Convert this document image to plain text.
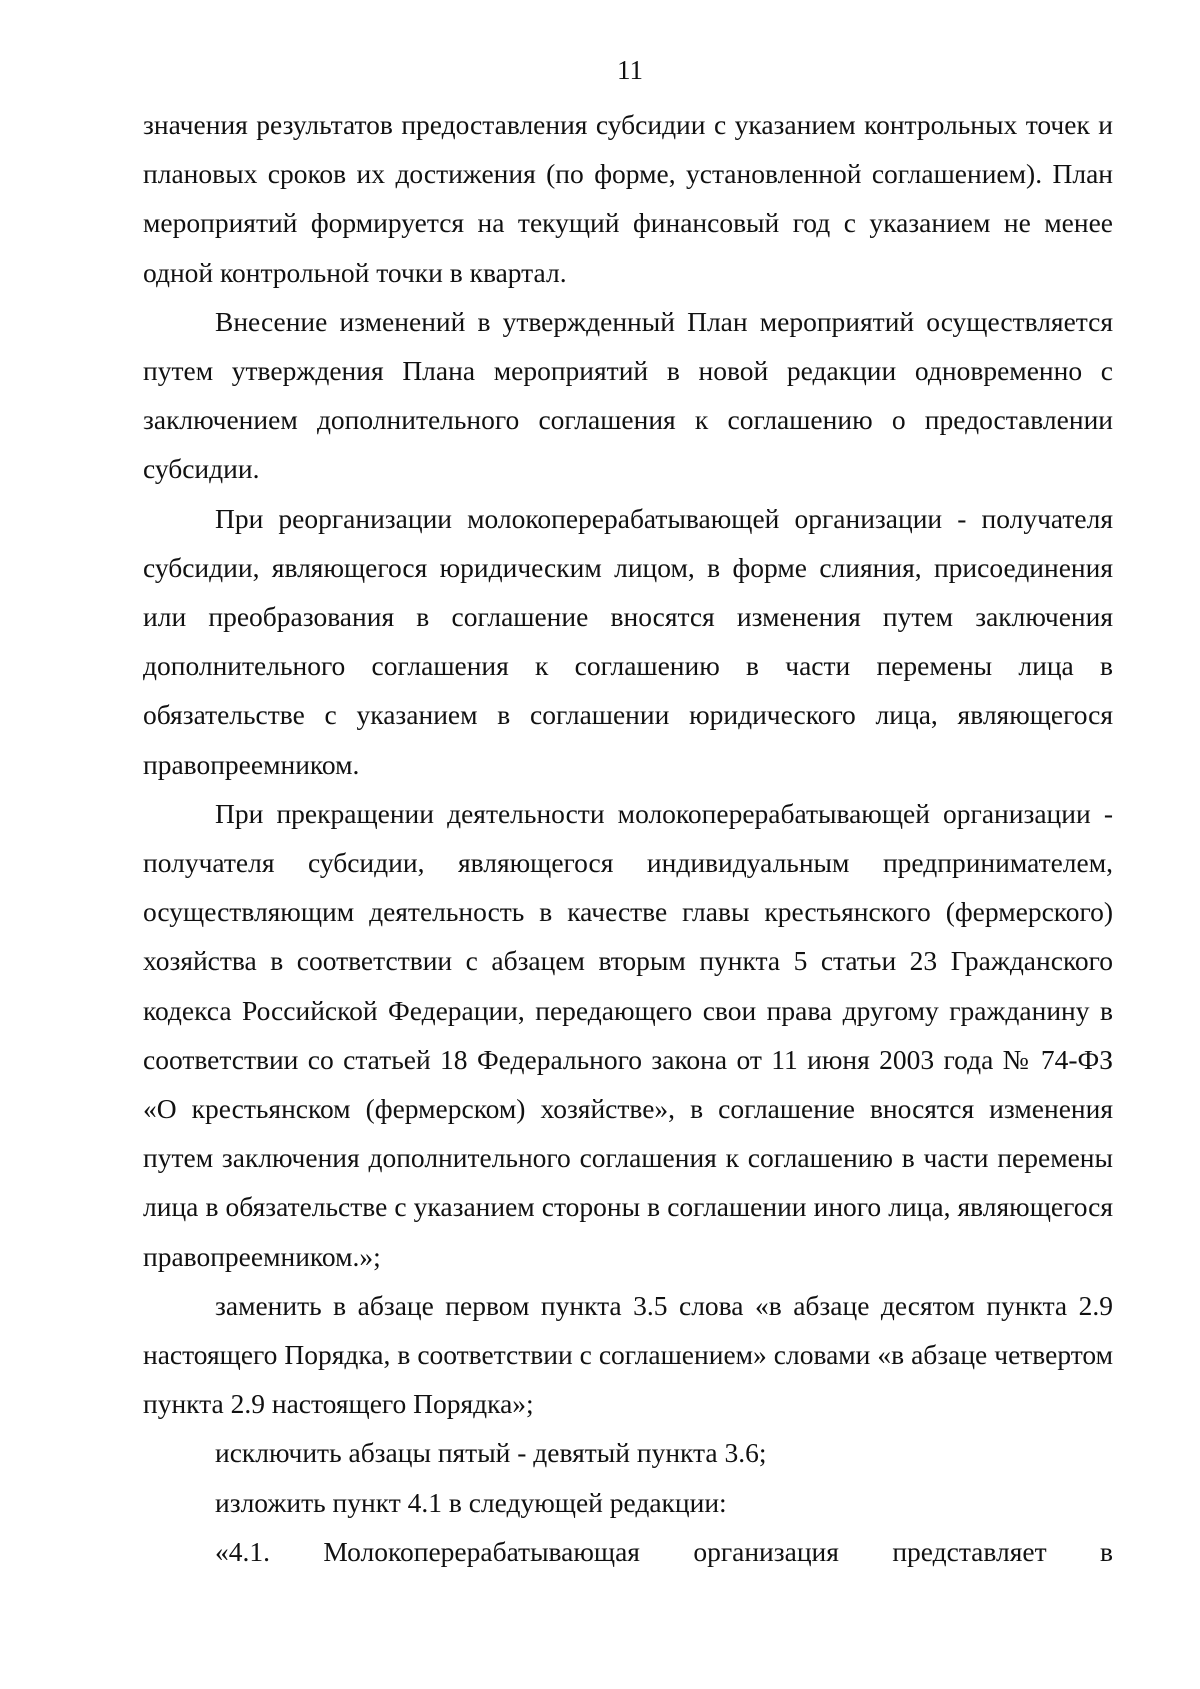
11

значения результатов предоставления субсидии с указанием контрольных точек и плановых сроков их достижения (по форме, установленной соглашением). План мероприятий формируется на текущий финансовый год с указанием не менее одной контрольной точки в квартал.

Внесение изменений в утвержденный План мероприятий осуществляется путем утверждения Плана мероприятий в новой редакции одновременно с заключением дополнительного соглашения к соглашению о предоставлении субсидии.

При реорганизации молокоперерабатывающей организации - получателя субсидии, являющегося юридическим лицом, в форме слияния, присоединения или преобразования в соглашение вносятся изменения путем заключения дополнительного соглашения к соглашению в части перемены лица в обязательстве с указанием в соглашении юридического лица, являющегося правопреемником.

При прекращении деятельности молокоперерабатывающей организации - получателя субсидии, являющегося индивидуальным предпринимателем, осуществляющим деятельность в качестве главы крестьянского (фермерского) хозяйства в соответствии с абзацем вторым пункта 5 статьи 23 Гражданского кодекса Российской Федерации, передающего свои права другому гражданину в соответствии со статьей 18 Федерального закона от 11 июня 2003 года № 74-ФЗ «О крестьянском (фермерском) хозяйстве», в соглашение вносятся изменения путем заключения дополнительного соглашения к соглашению в части перемены лица в обязательстве с указанием стороны в соглашении иного лица, являющегося правопреемником.»;

заменить в абзаце первом пункта 3.5 слова «в абзаце десятом пункта 2.9 настоящего Порядка, в соответствии с соглашением» словами «в абзаце четвертом пункта 2.9 настоящего Порядка»;

исключить абзацы пятый - девятый пункта 3.6;

изложить пункт 4.1 в следующей редакции:

«4.1. Молокоперерабатывающая организация представляет в
